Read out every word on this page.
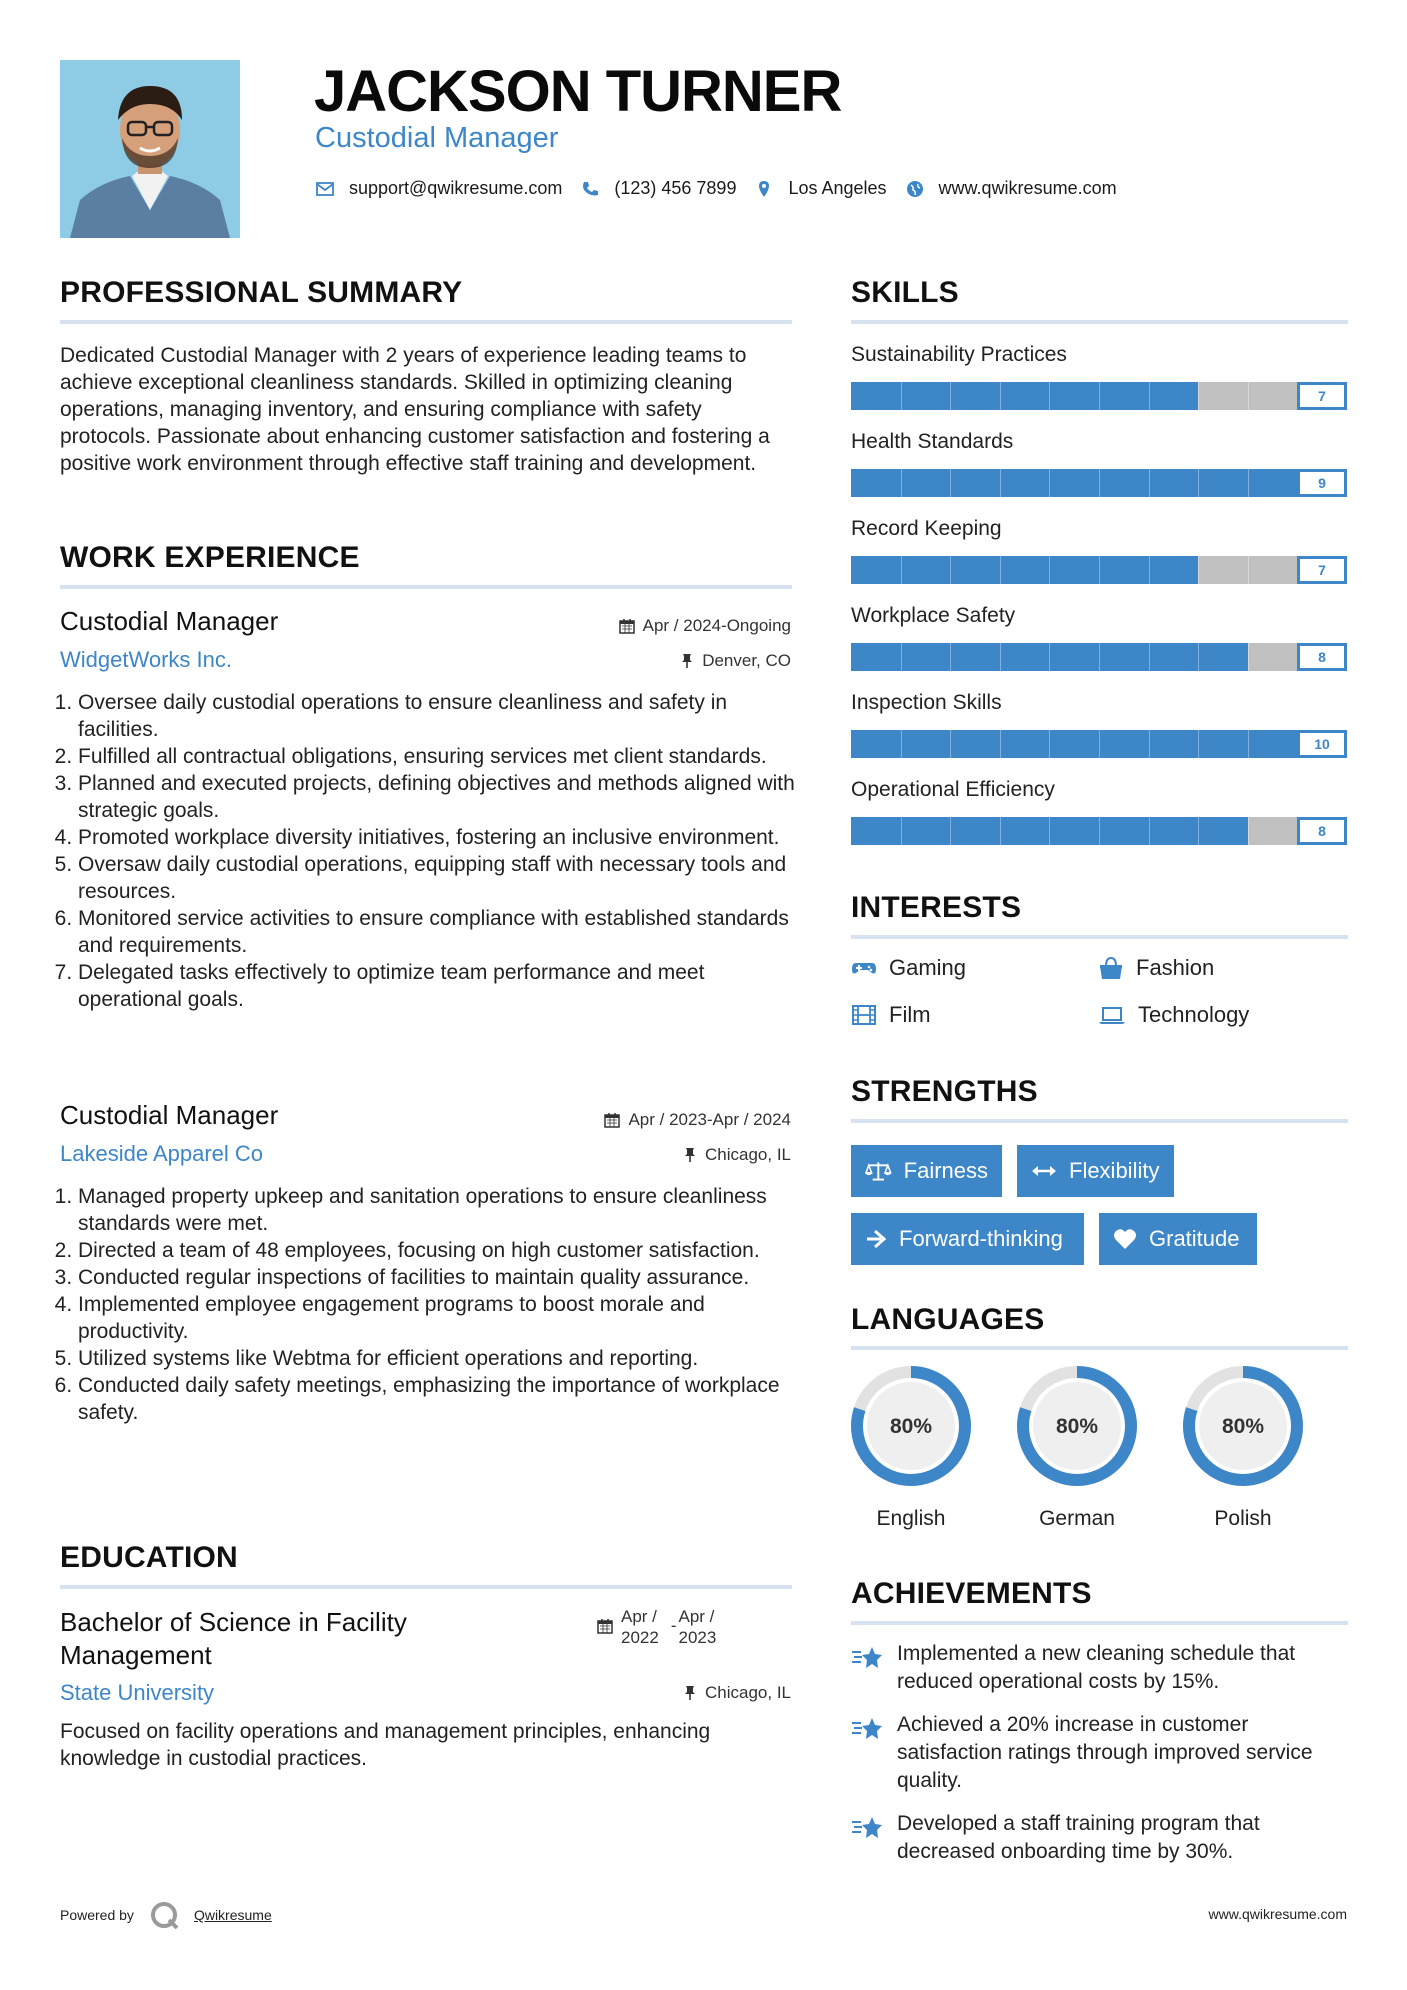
JACKSON TURNER
Custodial Manager
support@qwikresume.com	(123) 456 7899	Los Angeles	www.qwikresume.com
PROFESSIONAL SUMMARY
Dedicated Custodial Manager with 2 years of experience leading teams to achieve exceptional cleanliness standards. Skilled in optimizing cleaning operations, managing inventory, and ensuring compliance with safety protocols. Passionate about enhancing customer satisfaction and fostering a positive work environment through effective staff training and development.
WORK EXPERIENCE
Custodial Manager	Apr / 2024-Ongoing
WidgetWorks Inc.	Denver, CO
1. Oversee daily custodial operations to ensure cleanliness and safety in facilities.
2. Fulfilled all contractual obligations, ensuring services met client standards.
3. Planned and executed projects, defining objectives and methods aligned with strategic goals.
4. Promoted workplace diversity initiatives, fostering an inclusive environment.
5. Oversaw daily custodial operations, equipping staff with necessary tools and resources.
6. Monitored service activities to ensure compliance with established standards and requirements.
7. Delegated tasks effectively to optimize team performance and meet operational goals.
Custodial Manager	Apr / 2023-Apr / 2024
Lakeside Apparel Co	Chicago, IL
1. Managed property upkeep and sanitation operations to ensure cleanliness standards were met.
2. Directed a team of 48 employees, focusing on high customer satisfaction.
3. Conducted regular inspections of facilities to maintain quality assurance.
4. Implemented employee engagement programs to boost morale and productivity.
5. Utilized systems like Webtma for efficient operations and reporting.
6. Conducted daily safety meetings, emphasizing the importance of workplace safety.
EDUCATION
Bachelor of Science in Facility
Management
Apr /
2022
- Apr /
2023
State University	Chicago, IL
Focused on facility operations and management principles, enhancing knowledge in custodial practices.
SKILLS
Sustainability Practices
7
Health Standards
9
Record Keeping
7
Workplace Safety
8
Inspection Skills
10
Operational Efficiency
8
INTERESTS
Gaming	Fashion
Film	Technology
STRENGTHS
Fairness	Flexibility
Forward-thinking	Gratitude
LANGUAGES
80%
English
80%
German
80%
Polish
ACHIEVEMENTS
Implemented a new cleaning schedule that reduced operational costs by 15%.
Achieved a 20% increase in customer satisfaction ratings through improved service quality.
Developed a staff training program that decreased onboarding time by 30%.
Powered by	Qwikresume	www.qwikresume.com
